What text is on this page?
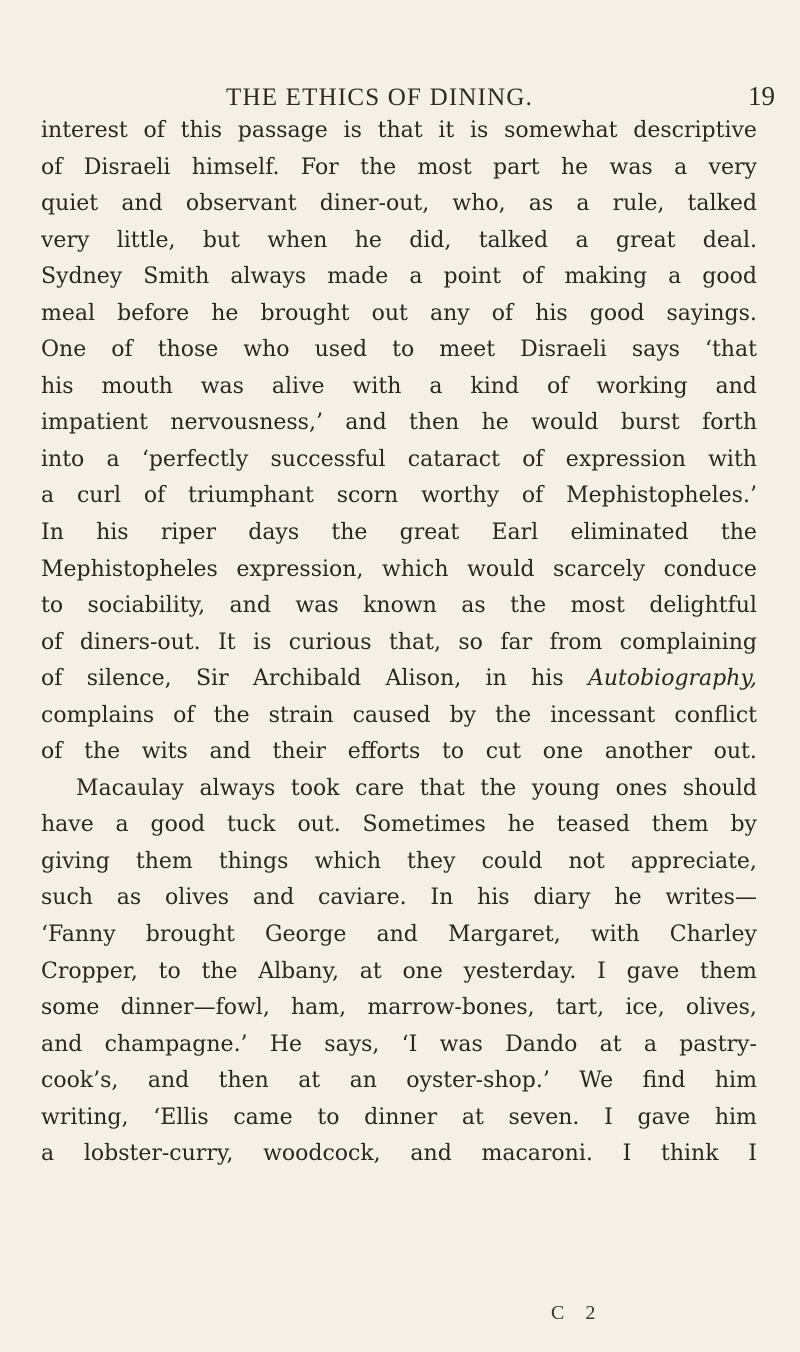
THE ETHICS OF DINING.	19
interest of this passage is that it is somewhat descriptive
of Disraeli himself. For the most part he was a very
quiet and observant diner-out, who, as a rule, talked
very little, but when he did, talked a great deal.
Sydney Smith always made a point of making a good
meal before he brought out any of his good sayings.
One of those who used to meet Disraeli says ‘that
his mouth was alive with a kind of working and
impatient nervousness,’ and then he would burst forth
into a ‘perfectly successful cataract of expression with
a curl of triumphant scorn worthy of Mephistopheles.’
In his riper days the great Earl eliminated the
Mephistopheles expression, which would scarcely conduce
to sociability, and was known as the most delightful
of diners-out. It is curious that, so far from complaining
of silence, Sir Archibald Alison, in his Autobiography,
complains of the strain caused by the incessant conflict
of the wits and their efforts to cut one another out.
Macaulay always took care that the young ones should
have a good tuck out. Sometimes he teased them by
giving them things which they could not appreciate,
such as olives and caviare. In his diary he writes—
‘Fanny brought George and Margaret, with Charley
Cropper, to the Albany, at one yesterday. I gave them
some dinner—fowl, ham, marrow-bones, tart, ice, olives,
and champagne.’ He says, ‘I was Dando at a pastry-
cook’s, and then at an oyster-shop.’ We find him
writing, ‘Ellis came to dinner at seven. I gave him
a lobster-curry, woodcock, and macaroni. I think I
C 2
